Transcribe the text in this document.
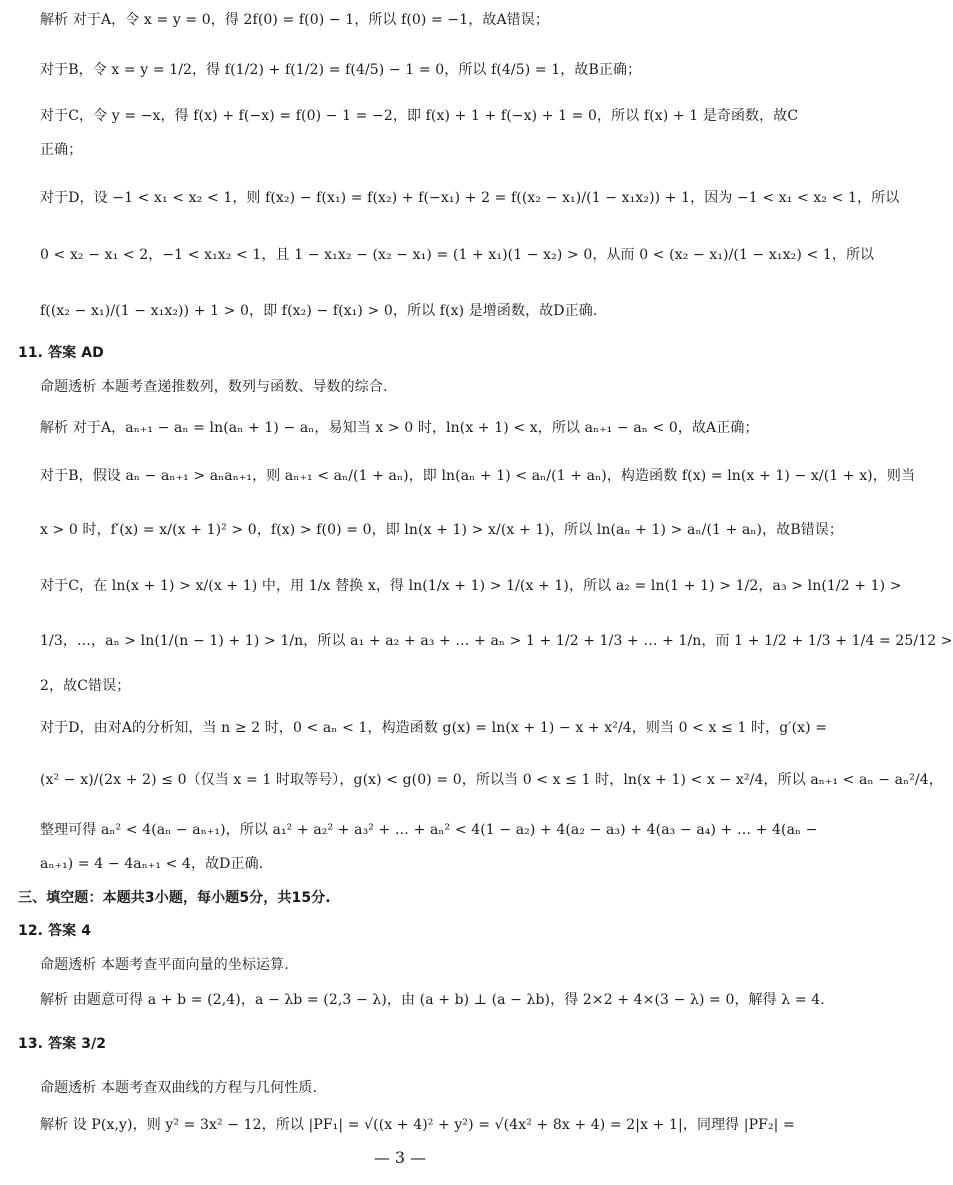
解析 对于A，令 x = y = 0，得 2f(0) = f(0) − 1，所以 f(0) = −1，故A错误；
对于B，令 x = y = 1/2，得 f(1/2) + f(1/2) = f(4/5) − 1 = 0，所以 f(4/5) = 1，故B正确；
对于C，令 y = −x，得 f(x) + f(−x) = f(0) − 1 = −2，即 f(x) + 1 + f(−x) + 1 = 0，所以 f(x) + 1 是奇函数，故C
正确；
对于D，设 −1 < x₁ < x₂ < 1，则 f(x₂) − f(x₁) = f(x₂) + f(−x₁) + 2 = f((x₂ − x₁)/(1 − x₁x₂)) + 1，因为 −1 < x₁ < x₂ < 1，所以
0 < x₂ − x₁ < 2，−1 < x₁x₂ < 1，且 1 − x₁x₂ − (x₂ − x₁) = (1 + x₁)(1 − x₂) > 0，从而 0 < (x₂ − x₁)/(1 − x₁x₂) < 1，所以
f((x₂ − x₁)/(1 − x₁x₂)) + 1 > 0，即 f(x₂) − f(x₁) > 0，所以 f(x) 是增函数，故D正确.
11. 答案 AD
命题透析 本题考查递推数列，数列与函数、导数的综合.
解析 对于A，aₙ₊₁ − aₙ = ln(aₙ + 1) − aₙ，易知当 x > 0 时，ln(x + 1) < x，所以 aₙ₊₁ − aₙ < 0，故A正确；
对于B，假设 aₙ − aₙ₊₁ > aₙaₙ₊₁，则 aₙ₊₁ < aₙ/(1 + aₙ)，即 ln(aₙ + 1) < aₙ/(1 + aₙ)，构造函数 f(x) = ln(x + 1) − x/(1 + x)，则当
x > 0 时，f′(x) = x/(x + 1)² > 0，f(x) > f(0) = 0，即 ln(x + 1) > x/(x + 1)，所以 ln(aₙ + 1) > aₙ/(1 + aₙ)，故B错误；
对于C，在 ln(x + 1) > x/(x + 1) 中，用 1/x 替换 x，得 ln(1/x + 1) > 1/(x + 1)，所以 a₂ = ln(1 + 1) > 1/2，a₃ > ln(1/2 + 1) >
1/3，…，aₙ > ln(1/(n − 1) + 1) > 1/n，所以 a₁ + a₂ + a₃ + … + aₙ > 1 + 1/2 + 1/3 + … + 1/n，而 1 + 1/2 + 1/3 + 1/4 = 25/12 >
2，故C错误；
对于D，由对A的分析知，当 n ≥ 2 时，0 < aₙ < 1，构造函数 g(x) = ln(x + 1) − x + x²/4，则当 0 < x ≤ 1 时，g′(x) =
(x² − x)/(2x + 2) ≤ 0（仅当 x = 1 时取等号），g(x) < g(0) = 0，所以当 0 < x ≤ 1 时，ln(x + 1) < x − x²/4，所以 aₙ₊₁ < aₙ − aₙ²/4，
整理可得 aₙ² < 4(aₙ − aₙ₊₁)，所以 a₁² + a₂² + a₃² + … + aₙ² < 4(1 − a₂) + 4(a₂ − a₃) + 4(a₃ − a₄) + … + 4(aₙ −
aₙ₊₁) = 4 − 4aₙ₊₁ < 4，故D正确.
三、填空题：本题共3小题，每小题5分，共15分.
12. 答案 4
命题透析 本题考查平面向量的坐标运算.
解析 由题意可得 a + b = (2,4)，a − λb = (2,3 − λ)，由 (a + b) ⊥ (a − λb)，得 2×2 + 4×(3 − λ) = 0，解得 λ = 4.
13. 答案 3/2
命题透析 本题考查双曲线的方程与几何性质.
解析 设 P(x,y)，则 y² = 3x² − 12，所以 |PF₁| = √((x + 4)² + y²) = √(4x² + 8x + 4) = 2|x + 1|，同理得 |PF₂| =
— 3 —
